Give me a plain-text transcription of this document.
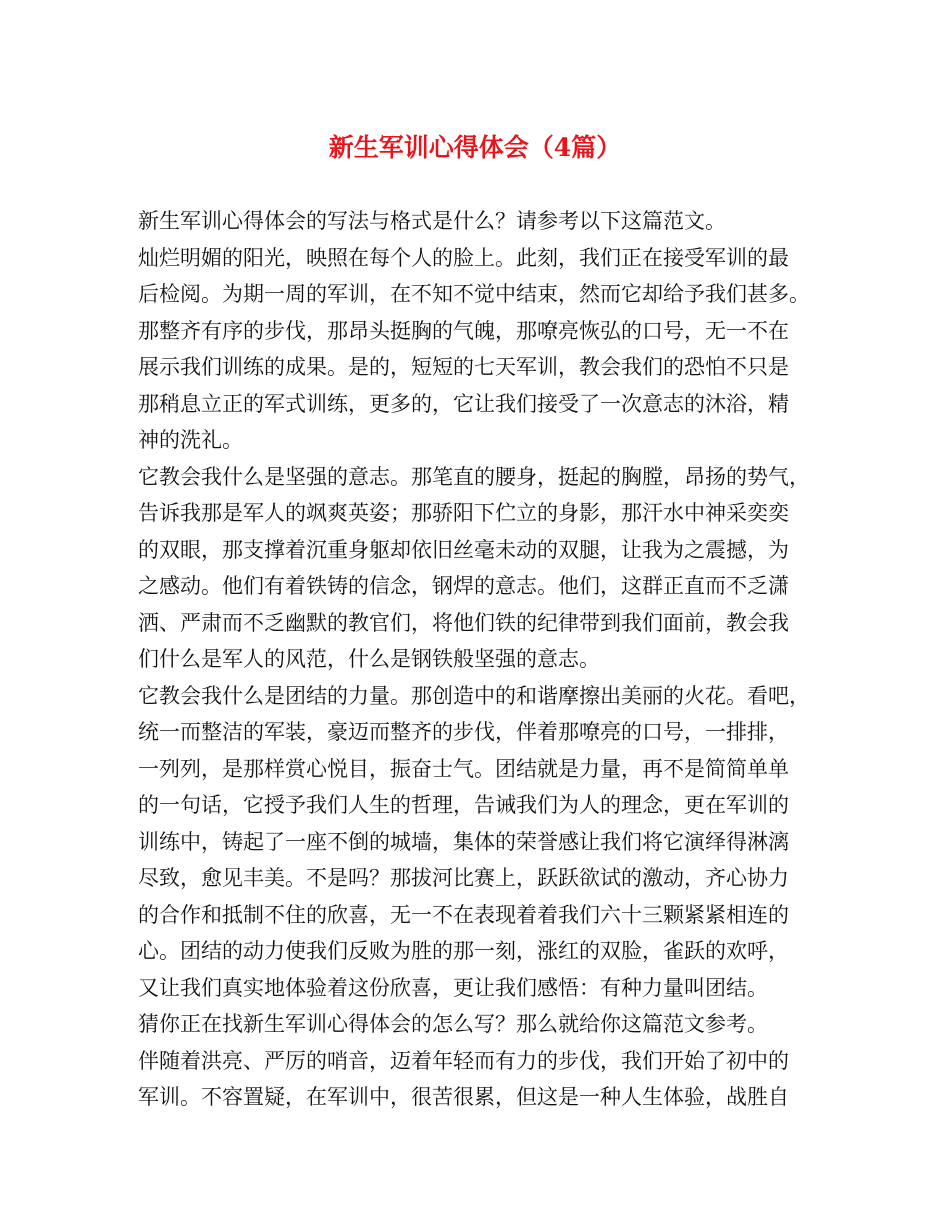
新生军训心得体会（4篇）
新生军训心得体会的写法与格式是什么？请参考以下这篇范文。
灿烂明媚的阳光，映照在每个人的脸上。此刻，我们正在接受军训的最
后检阅。为期一周的军训，在不知不觉中结束，然而它却给予我们甚多。
那整齐有序的步伐，那昂头挺胸的气魄，那嘹亮恢弘的口号，无一不在
展示我们训练的成果。是的，短短的七天军训，教会我们的恐怕不只是
那稍息立正的军式训练，更多的，它让我们接受了一次意志的沐浴，精
神的洗礼。
它教会我什么是坚强的意志。那笔直的腰身，挺起的胸膛，昂扬的势气，
告诉我那是军人的飒爽英姿；那骄阳下伫立的身影，那汗水中神采奕奕
的双眼，那支撑着沉重身躯却依旧丝毫未动的双腿，让我为之震撼，为
之感动。他们有着铁铸的信念，钢焊的意志。他们，这群正直而不乏潇
洒、严肃而不乏幽默的教官们，将他们铁的纪律带到我们面前，教会我
们什么是军人的风范，什么是钢铁般坚强的意志。
它教会我什么是团结的力量。那创造中的和谐摩擦出美丽的火花。看吧，
统一而整洁的军装，豪迈而整齐的步伐，伴着那嘹亮的口号，一排排，
一列列，是那样赏心悦目，振奋士气。团结就是力量，再不是简简单单
的一句话，它授予我们人生的哲理，告诫我们为人的理念，更在军训的
训练中，铸起了一座不倒的城墙，集体的荣誉感让我们将它演绎得淋漓
尽致，愈见丰美。不是吗？那拔河比赛上，跃跃欲试的激动，齐心协力
的合作和抵制不住的欣喜，无一不在表现着着我们六十三颗紧紧相连的
心。团结的动力使我们反败为胜的那一刻，涨红的双脸，雀跃的欢呼，
又让我们真实地体验着这份欣喜，更让我们感悟：有种力量叫团结。
猜你正在找新生军训心得体会的怎么写？那么就给你这篇范文参考。
伴随着洪亮、严厉的哨音，迈着年轻而有力的步伐，我们开始了初中的
军训。不容置疑，在军训中，很苦很累，但这是一种人生体验，战胜自
